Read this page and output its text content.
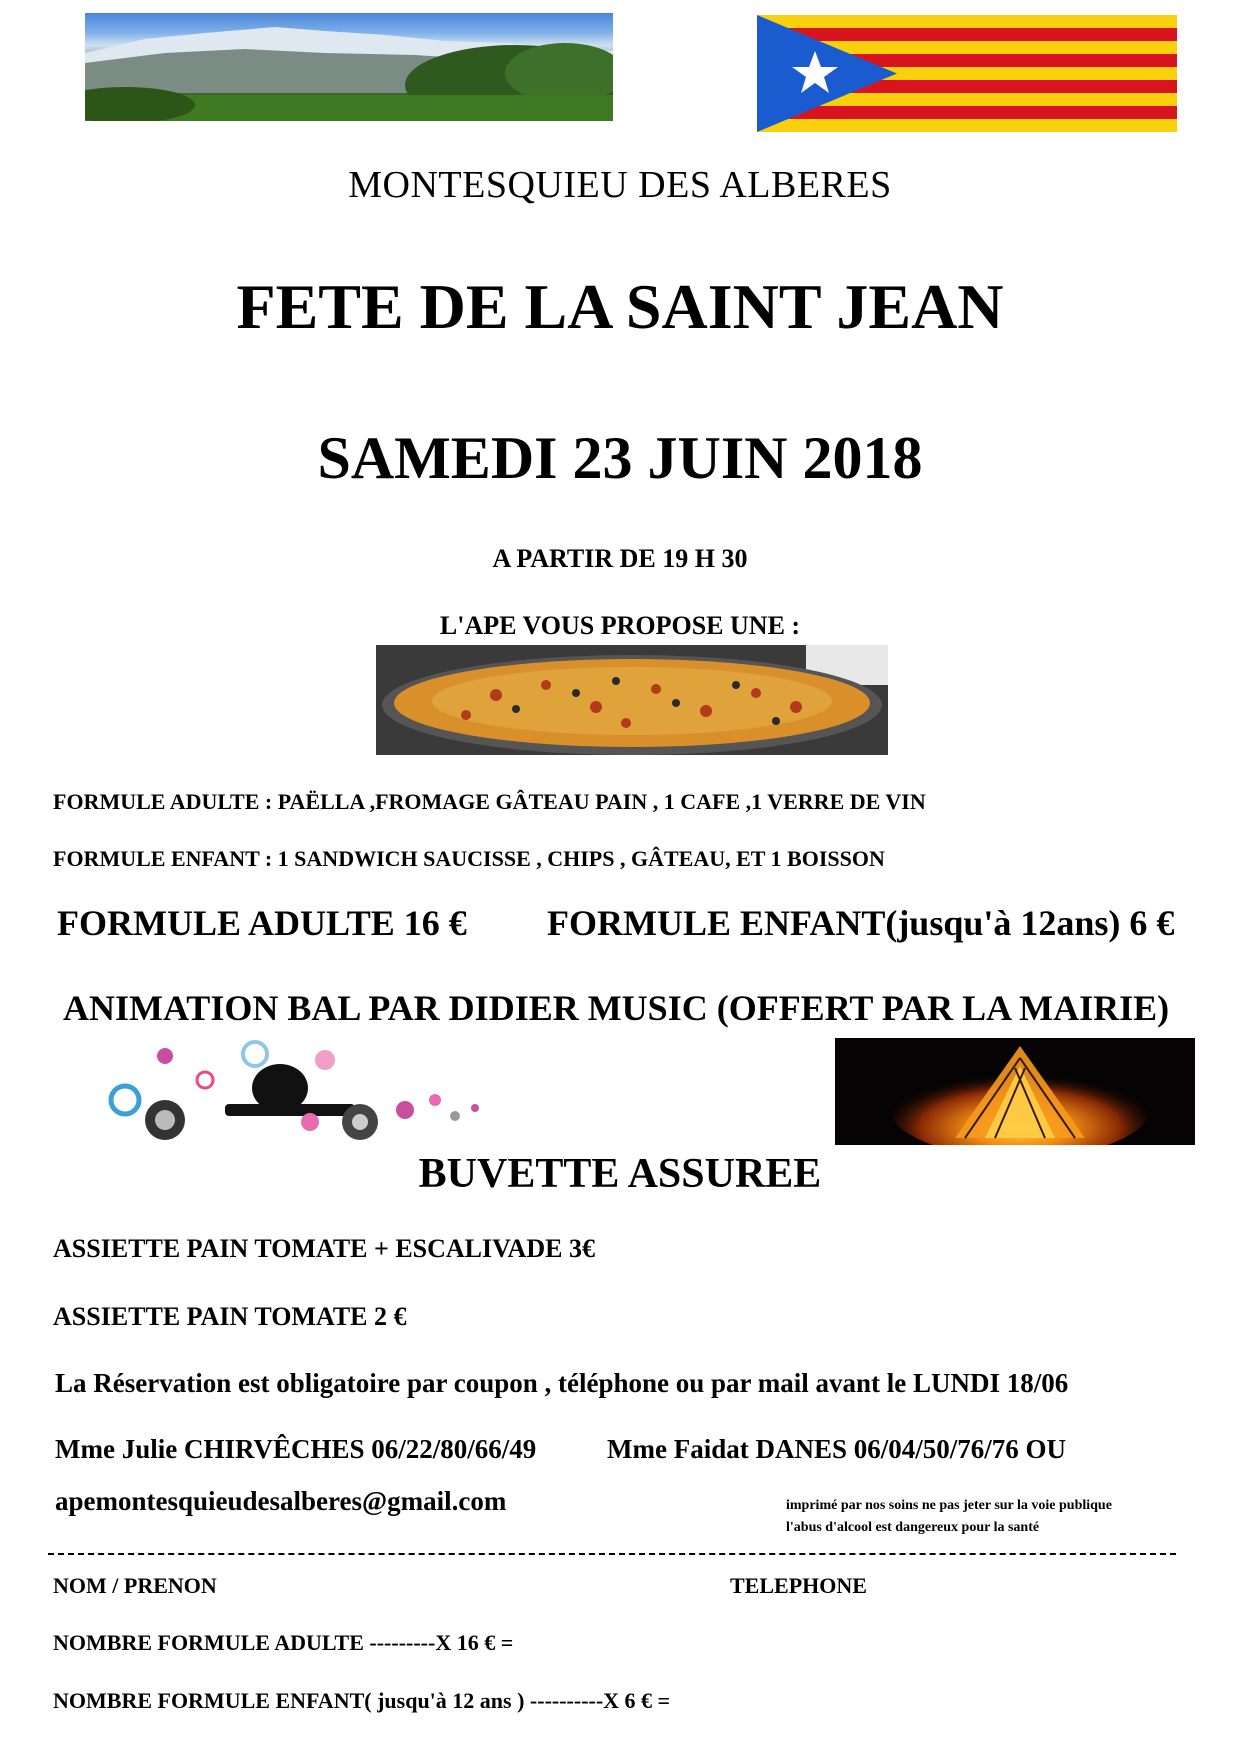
MONTESQUIEU DES ALBERES
FETE DE LA SAINT JEAN
SAMEDI 23 JUIN 2018
A PARTIR DE 19 H 30
L'APE VOUS PROPOSE UNE :
FORMULE ADULTE : PAËLLA ,FROMAGE GÂTEAU PAIN , 1 CAFE ,1 VERRE DE VIN
FORMULE ENFANT : 1 SANDWICH SAUCISSE , CHIPS , GÂTEAU, ET 1 BOISSON
FORMULE ADULTE 16 € FORMULE ENFANT(jusqu'à 12ans) 6 €
ANIMATION BAL PAR DIDIER MUSIC (OFFERT PAR LA MAIRIE)
BUVETTE ASSUREE
ASSIETTE PAIN TOMATE + ESCALIVADE 3€
ASSIETTE PAIN TOMATE 2 €
La Réservation est obligatoire par coupon , téléphone ou par mail avant le LUNDI 18/06
Mme Julie CHIRVÊCHES 06/22/80/66/49	Mme Faidat DANES 06/04/50/76/76 OU
apemontesquieudesalberes@gmail.com	imprimé par nos soins ne pas jeter sur la voie publique
l'abus d'alcool est dangereux pour la santé
NOM / PRENON	TELEPHONE
NOMBRE FORMULE ADULTE ---------X 16 € =
NOMBRE FORMULE ENFANT( jusqu'à 12 ans ) ----------X 6 € =
